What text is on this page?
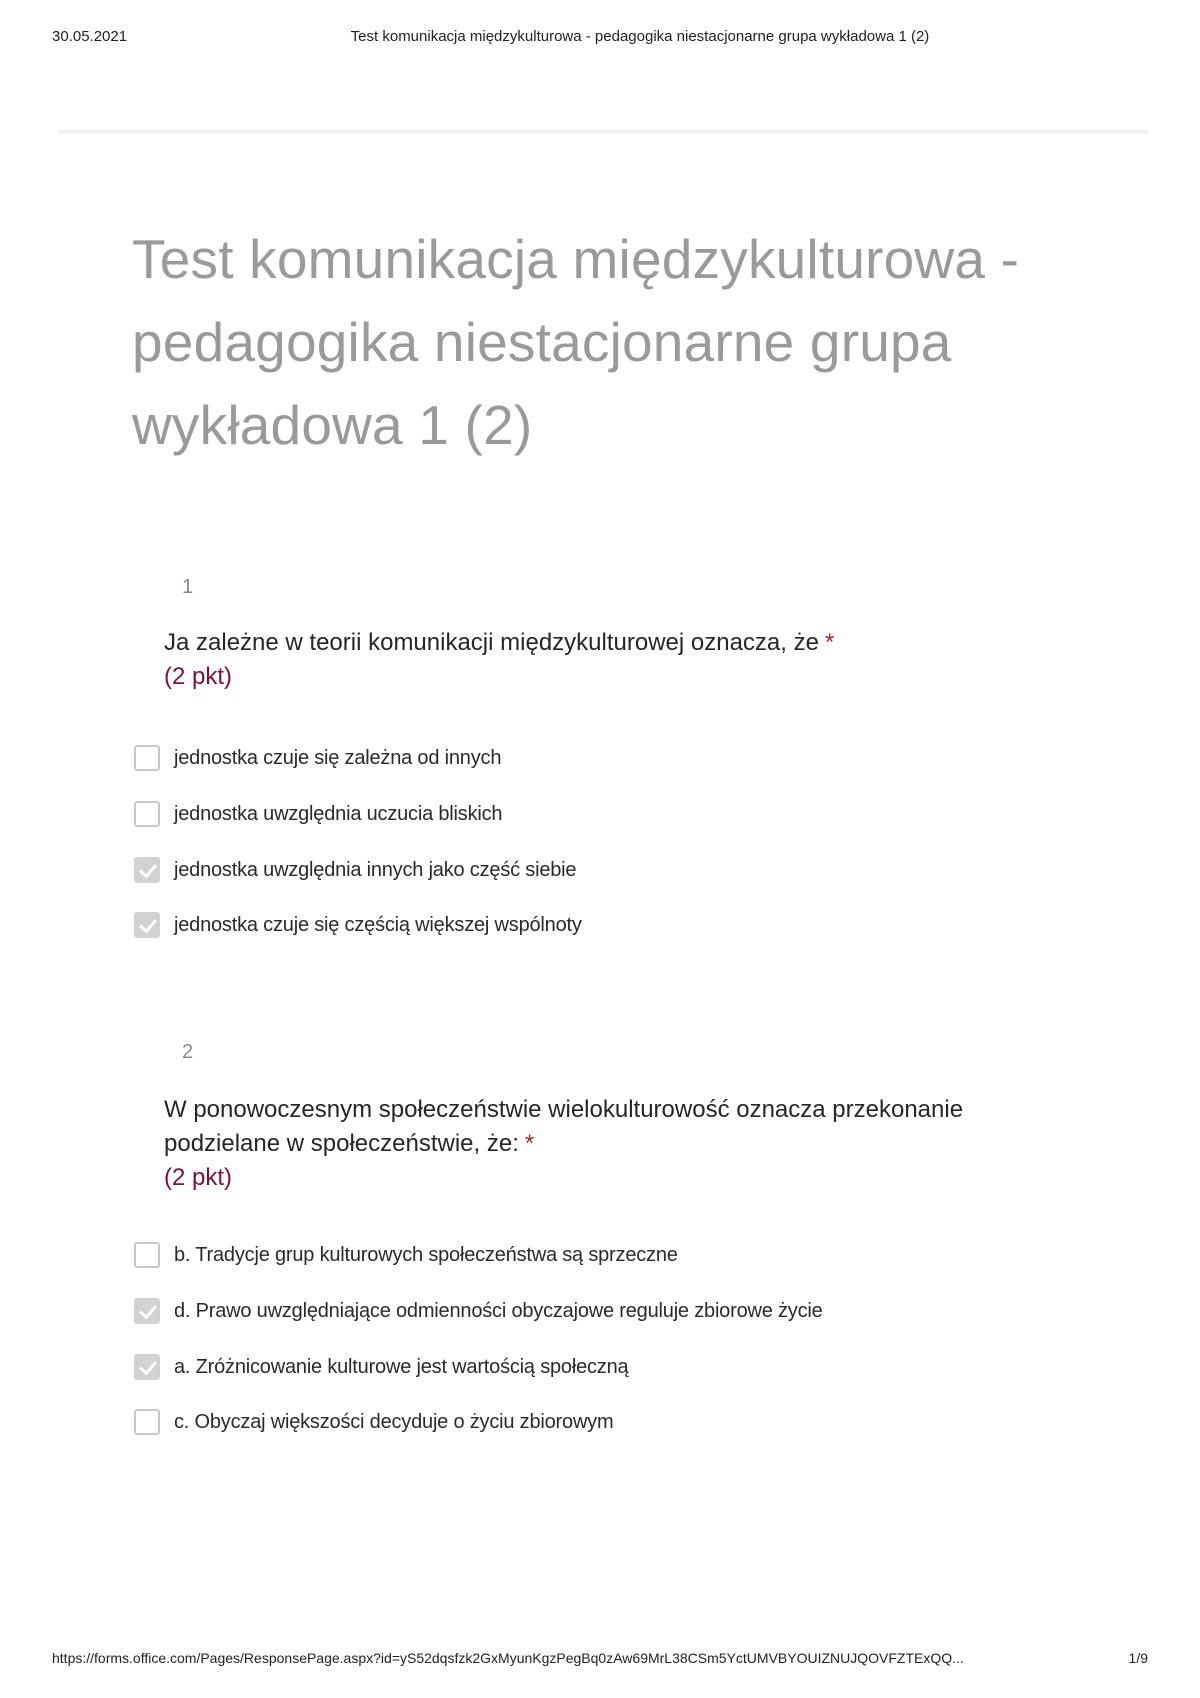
30.05.2021	Test komunikacja międzykulturowa - pedagogika niestacjonarne grupa wykładowa 1 (2)
Test komunikacja międzykulturowa -
pedagogika niestacjonarne grupa
wykładowa 1 (2)
1
Ja zależne w teorii komunikacji międzykulturowej oznacza, że *
(2 pkt)
jednostka czuje się zależna od innych
jednostka uwzględnia uczucia bliskich
jednostka uwzględnia innych jako część siebie
jednostka czuje się częścią większej wspólnoty
2
W ponowoczesnym społeczeństwie wielokulturowość oznacza przekonanie
podzielane w społeczeństwie, że: *
(2 pkt)
b. Tradycje grup kulturowych społeczeństwa są sprzeczne
d. Prawo uwzględniające odmienności obyczajowe reguluje zbiorowe życie
a. Zróżnicowanie kulturowe jest wartością społeczną
c. Obyczaj większości decyduje o życiu zbiorowym
https://forms.office.com/Pages/ResponsePage.aspx?id=yS52dqsfzk2GxMyunKgzPegBq0zAw69MrL38CSm5YctUMVBYOUIZNUJQOVFZTExQQ...	1/9
